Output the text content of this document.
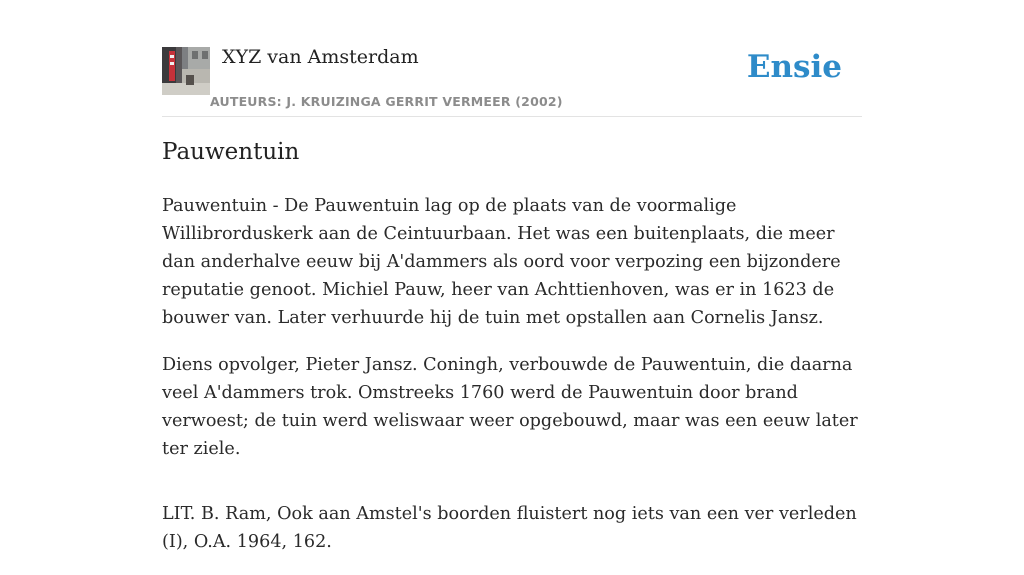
XYZ van Amsterdam
AUTEURS: J. KRUIZINGA GERRIT VERMEER (2002)
Ensie
Pauwentuin

Pauwentuin - De Pauwentuin lag op de plaats van de voormalige Willibrorduskerk aan de Ceintuurbaan. Het was een buitenplaats, die meer dan anderhalve eeuw bij A'dammers als oord voor verpozing een bijzondere reputatie genoot. Michiel Pauw, heer van Achttienhoven, was er in 1623 de bouwer van. Later verhuurde hij de tuin met opstallen aan Cornelis Jansz.

Diens opvolger, Pieter Jansz. Coningh, verbouwde de Pauwentuin, die daarna veel A'dammers trok. Omstreeks 1760 werd de Pauwentuin door brand verwoest; de tuin werd weliswaar weer opgebouwd, maar was een eeuw later ter ziele.

LIT. B. Ram, Ook aan Amstel's boorden fluistert nog iets van een ver verleden (I), O.A. 1964, 162.
